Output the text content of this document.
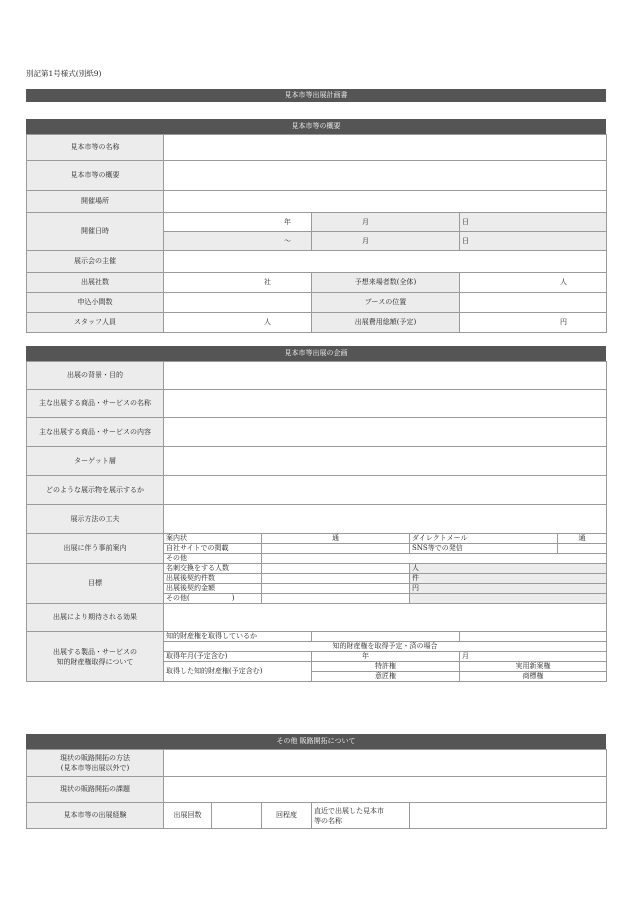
別記第1号様式(別紙9)
見本市等出展計画書
見本市等の概要
見本市等の名称			
見本市等の概要			
開催場所			
開催日時	年	月	日
	〜	月	日
展示会の主催			
出展社数	社	予想来場者数(全体)	人
申込小間数		ブースの位置	
スタッフ人員	人	出展費用総額(予定)	円
見本市等出展の企画
出展の背景・目的							
主な出展する商品・サービスの名称							
主な出展する商品・サービスの内容							
ターゲット層							
どのような展示物を展示するか							
展示方法の工夫							
出展に伴う事前案内	案内状	通		ダイレクトメール		通	
	自社サイトでの掲載			SNS等での発信			
	その他						
目標	名刺交換をする人数			人			
	出展後契約件数			件			
	出展後契約金額			円			
	その他(　　　　　　)						
出展により期待される効果							
出展する製品・サービスの
知的財産権取得について	知的財産権を取得しているか						
	知的財産権を取得予定・済の場合						
	取得年月(予定含む)		年		月		
	取得した知的財産権(予定含む)		特許権		実用新案権		
			意匠権		商標権		
その他 販路開拓について
現状の販路開拓の方法
(見本市等出展以外で)					
現状の販路開拓の課題					
見本市等の出展経験	出展回数		回程度	直近で出展した見本市
等の名称	
